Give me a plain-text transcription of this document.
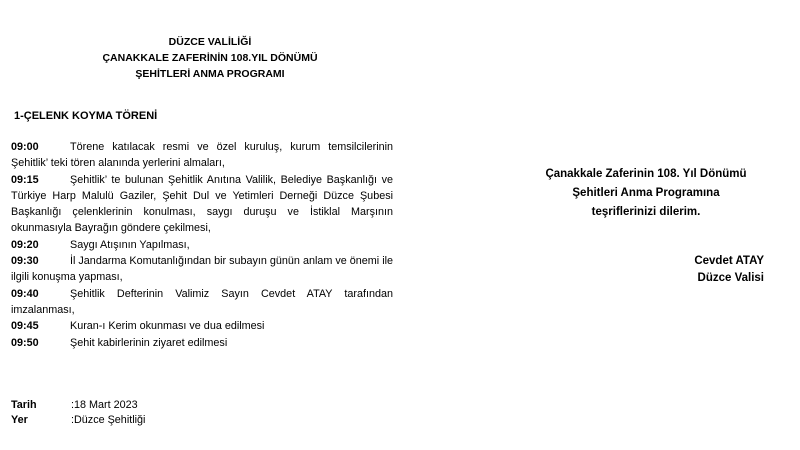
DÜZCE VALİLİĞİ
ÇANAKKALE ZAFERİNİN 108.YIL DÖNÜMÜ
ŞEHİTLERİ ANMA PROGRAMI
1-ÇELENK KOYMA TÖRENİ
09:00	Törene katılacak resmi ve özel kuruluş, kurum temsilcilerinin Şehitlik’ teki tören alanında yerlerini almaları,
09:15	Şehitlik’ te bulunan Şehitlik Anıtına Valilik, Belediye Başkanlığı ve Türkiye Harp Malulü Gaziler, Şehit Dul ve Yetimleri Derneği Düzce Şubesi Başkanlığı çelenklerinin konulması, saygı duruşu ve İstiklal Marşının okunmasıyla Bayrağın göndere çekilmesi,
09:20	Saygı Atışının Yapılması,
09:30	İl Jandarma Komutanlığından bir subayın günün anlam ve önemi ile ilgili konuşma yapması,
09:40	Şehitlik Defterinin Valimiz Sayın Cevdet ATAY tarafından imzalanması,
09:45	Kuran-ı Kerim okunması ve dua edilmesi
09:50	Şehit kabirlerinin ziyaret edilmesi
Tarih	:18 Mart 2023
Yer	:Düzce Şehitliği
Çanakkale Zaferinin 108. Yıl Dönümü
Şehitleri Anma Programına
teşriflerinizi dilerim.
Cevdet ATAY
Düzce Valisi
